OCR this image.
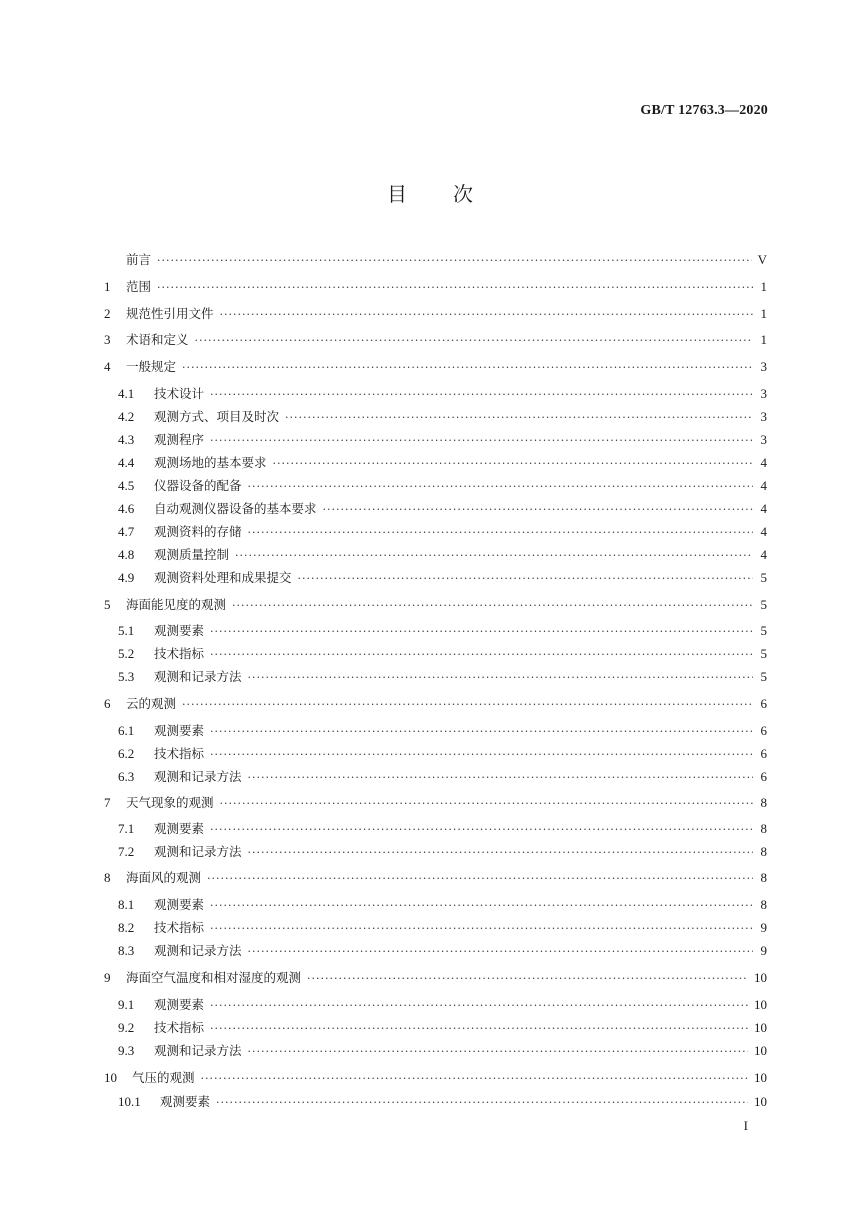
GB/T 12763.3—2020
目次
前言 ·····	V
1	范围 ·····	1
2	规范性引用文件 ·····	1
3	术语和定义 ·····	1
4	一般规定 ·····	3
4.1	技术设计 ·····	3
4.2	观测方式、项目及时次 ·····	3
4.3	观测程序 ·····	3
4.4	观测场地的基本要求 ·····	4
4.5	仪器设备的配备 ·····	4
4.6	自动观测仪器设备的基本要求 ·····	4
4.7	观测资料的存储 ·····	4
4.8	观测质量控制 ·····	4
4.9	观测资料处理和成果提交 ·····	5
5	海面能见度的观测 ·····	5
5.1	观测要素 ·····	5
5.2	技术指标 ·····	5
5.3	观测和记录方法 ·····	5
6	云的观测 ·····	6
6.1	观测要素 ·····	6
6.2	技术指标 ·····	6
6.3	观测和记录方法 ·····	6
7	天气现象的观测 ·····	8
7.1	观测要素 ·····	8
7.2	观测和记录方法 ·····	8
8	海面风的观测 ·····	8
8.1	观测要素 ·····	8
8.2	技术指标 ·····	9
8.3	观测和记录方法 ·····	9
9	海面空气温度和相对湿度的观测 ·····	10
9.1	观测要素 ·····	10
9.2	技术指标 ·····	10
9.3	观测和记录方法 ·····	10
10	气压的观测 ·····	10
10.1	观测要素 ·····	10
I
